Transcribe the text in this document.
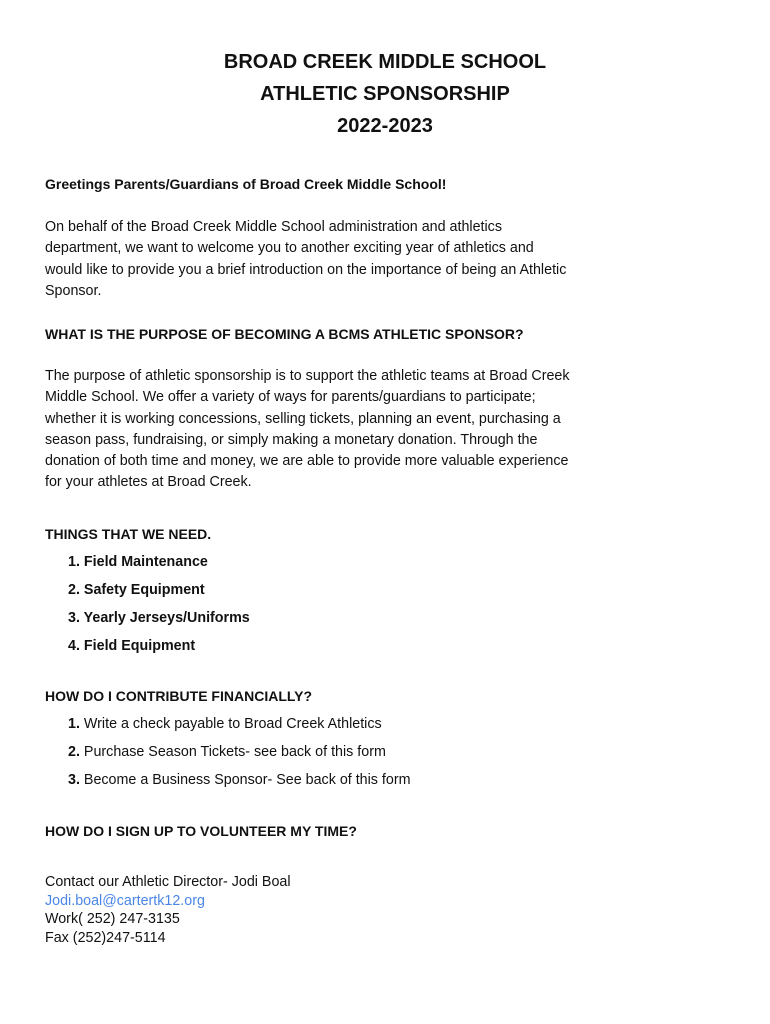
BROAD CREEK MIDDLE SCHOOL
ATHLETIC SPONSORSHIP
2022-2023
Greetings Parents/Guardians of Broad Creek Middle School!
On behalf of the Broad Creek Middle School administration and athletics department, we want to welcome you to another exciting year of athletics and would like to provide you a brief introduction on the importance of being an Athletic Sponsor.
WHAT IS THE PURPOSE OF BECOMING A BCMS ATHLETIC SPONSOR?
The purpose of athletic sponsorship is to support the athletic teams at Broad Creek Middle School. We offer a variety of ways for parents/guardians to participate; whether it is working concessions, selling tickets, planning an event, purchasing a season pass, fundraising, or simply making a monetary donation. Through the donation of both time and money, we are able to provide more valuable experience for your athletes at Broad Creek.
THINGS THAT WE NEED.
1. Field Maintenance
2. Safety Equipment
3. Yearly Jerseys/Uniforms
4. Field Equipment
HOW DO I CONTRIBUTE FINANCIALLY?
1. Write a check payable to Broad Creek Athletics
2. Purchase Season Tickets- see back of this form
3. Become a Business Sponsor- See back of this form
HOW DO I SIGN UP TO VOLUNTEER MY TIME?
Contact our Athletic Director- Jodi Boal
Jodi.boal@cartertk12.org
Work( 252) 247-3135
Fax (252)247-5114
